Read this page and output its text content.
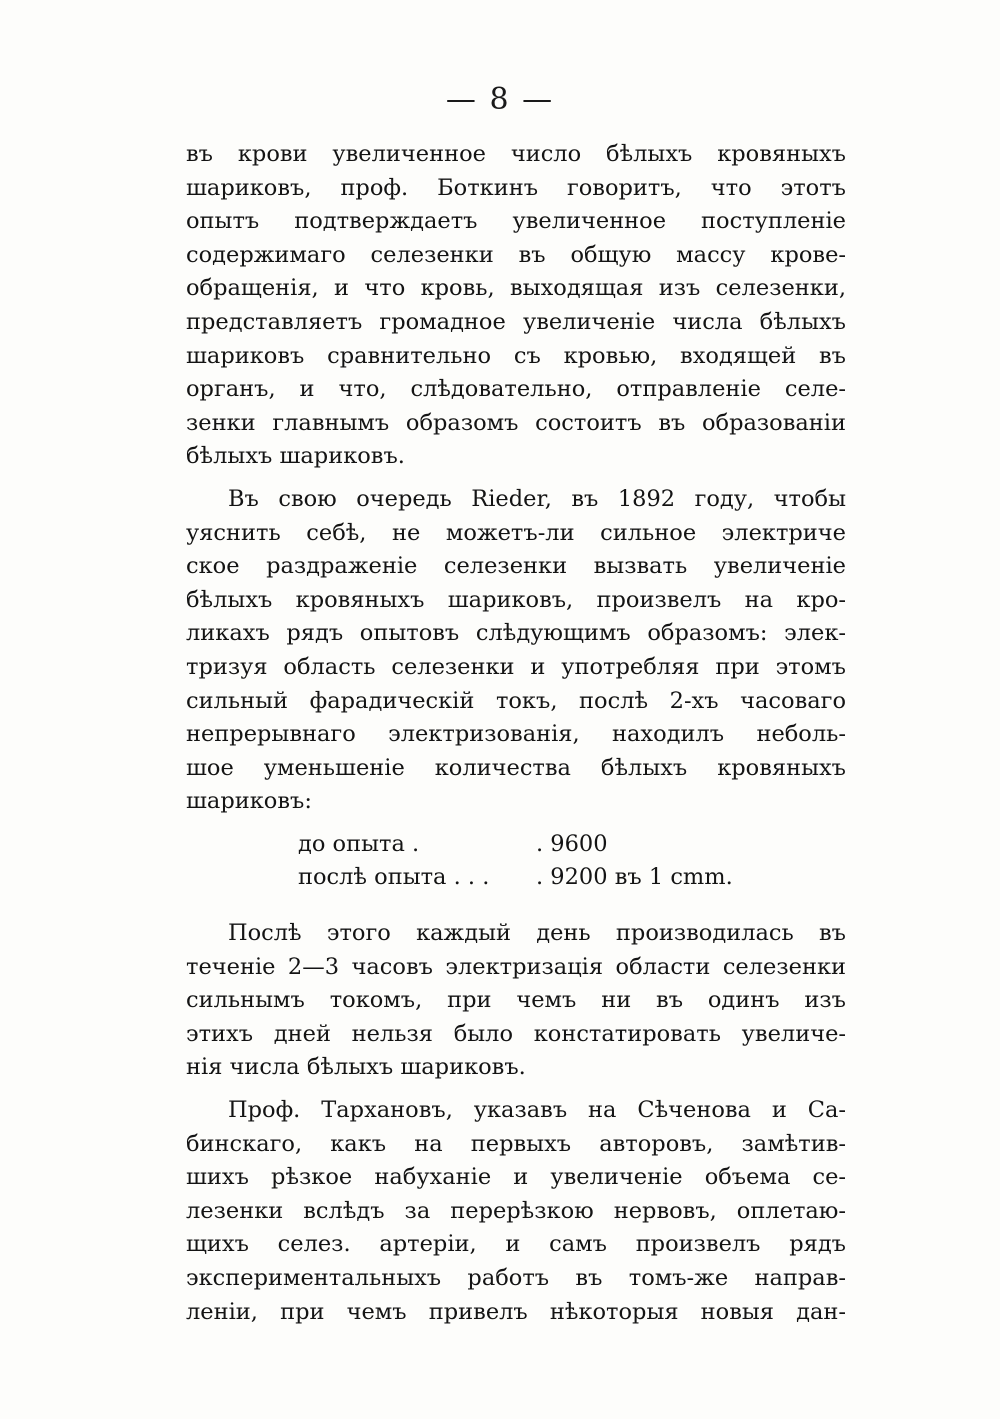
— 8 —
въ крови увеличенное число бѣлыхъ кровяныхъ
шариковъ, проф. Боткинъ говоритъ, что этотъ
опытъ подтверждаетъ увеличенное поступленіе
содержимаго селезенки въ общую массу крове-
обращенія, и что кровь, выходящая изъ селезенки,
представляетъ громадное увеличеніе числа бѣлыхъ
шариковъ сравнительно съ кровью, входящей въ
органъ, и что, слѣдовательно, отправленіе селе-
зенки главнымъ образомъ состоитъ въ образованіи
бѣлыхъ шариковъ.
Въ свою очередь Rieder, въ 1892 году, чтобы
уяснить себѣ, не можетъ-ли сильное электриче
ское раздраженіе селезенки вызвать увеличеніе
бѣлыхъ кровяныхъ шариковъ, произвелъ на кро-
ликахъ рядъ опытовъ слѣдующимъ образомъ: элек-
тризуя область селезенки и употребляя при этомъ
сильный фарадическій токъ, послѣ 2-хъ часоваго
непрерывнаго электризованія, находилъ неболь-
шое уменьшеніе количества бѣлыхъ кровяныхъ
шариковъ:
до опыта .	. 9600
послѣ опыта . . . . 9200 въ 1 cmm.
Послѣ этого каждый день производилась въ
теченіе 2—3 часовъ электризація области селезенки
сильнымъ токомъ, при чемъ ни въ одинъ изъ
этихъ дней нельзя было констатировать увеличе-
нія числа бѣлыхъ шариковъ.
Проф. Тархановъ, указавъ на Сѣченова и Са-
бинскаго, какъ на первыхъ авторовъ, замѣтив-
шихъ рѣзкое набуханіе и увеличеніе объема се-
лезенки вслѣдъ за перерѣзкою нервовъ, оплетаю-
щихъ селез. артеріи, и самъ произвелъ рядъ
экспериментальныхъ работъ въ томъ-же направ-
леніи, при чемъ привелъ нѣкоторыя новыя дан-
